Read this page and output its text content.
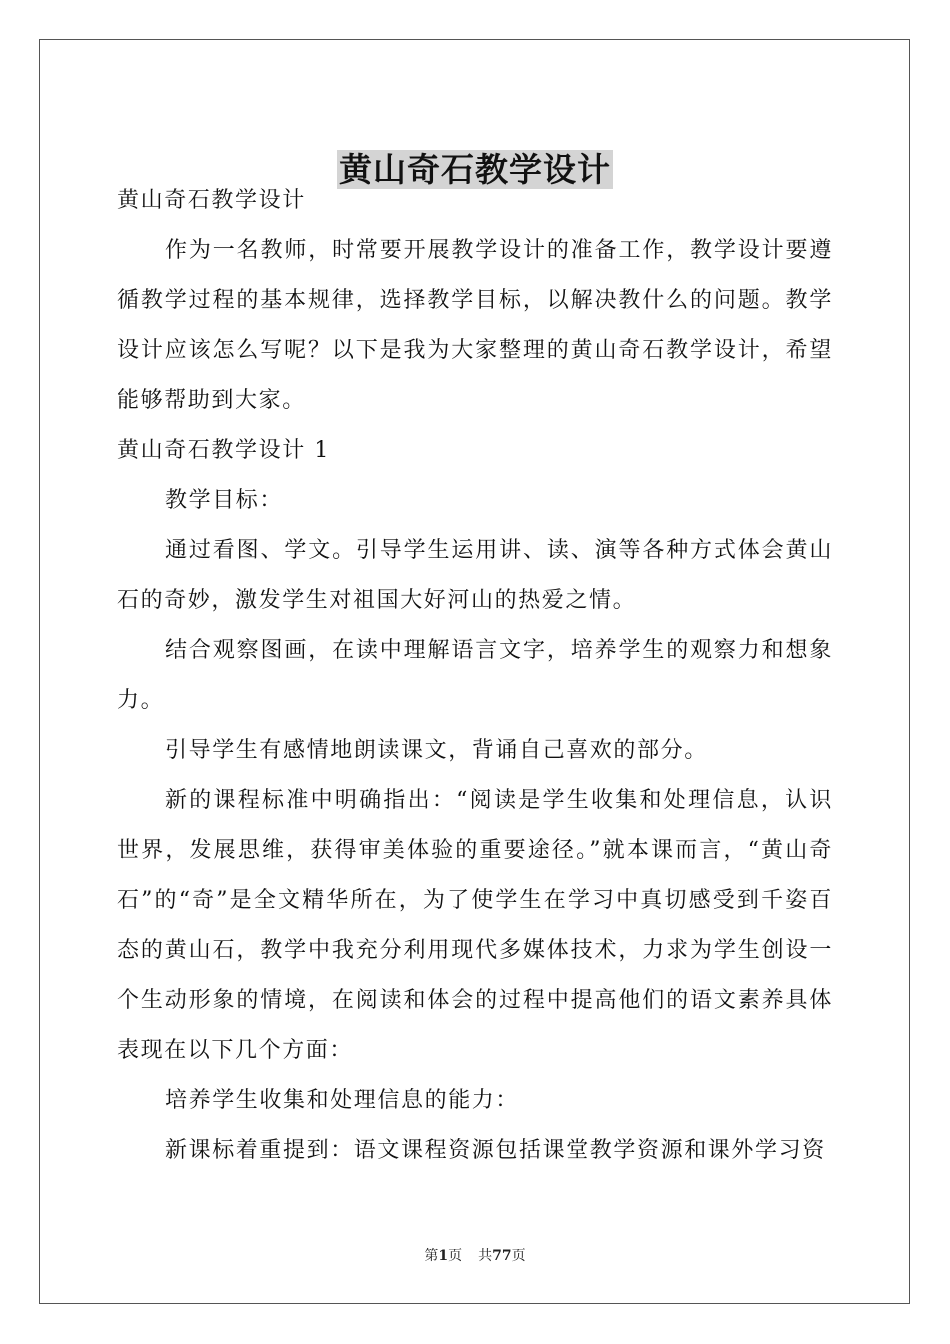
黄山奇石教学设计

黄山奇石教学设计

作为一名教师，时常要开展教学设计的准备工作，教学设计要遵循教学过程的基本规律，选择教学目标，以解决教什么的问题。教学设计应该怎么写呢？以下是我为大家整理的黄山奇石教学设计，希望能够帮助到大家。

黄山奇石教学设计 1

教学目标：

通过看图、学文。引导学生运用讲、读、演等各种方式体会黄山石的奇妙，激发学生对祖国大好河山的热爱之情。

结合观察图画，在读中理解语言文字，培养学生的观察力和想象力。

引导学生有感情地朗读课文，背诵自己喜欢的部分。

新的课程标准中明确指出：“阅读是学生收集和处理信息，认识世界，发展思维，获得审美体验的重要途径。”就本课而言，“黄山奇石”的“奇”是全文精华所在，为了使学生在学习中真切感受到千姿百态的黄山石，教学中我充分利用现代多媒体技术，力求为学生创设一个生动形象的情境，在阅读和体会的过程中提高他们的语文素养具体表现在以下几个方面：

培养学生收集和处理信息的能力：

新课标着重提到：语文课程资源包括课堂教学资源和课外学习资

第1页 共77页
